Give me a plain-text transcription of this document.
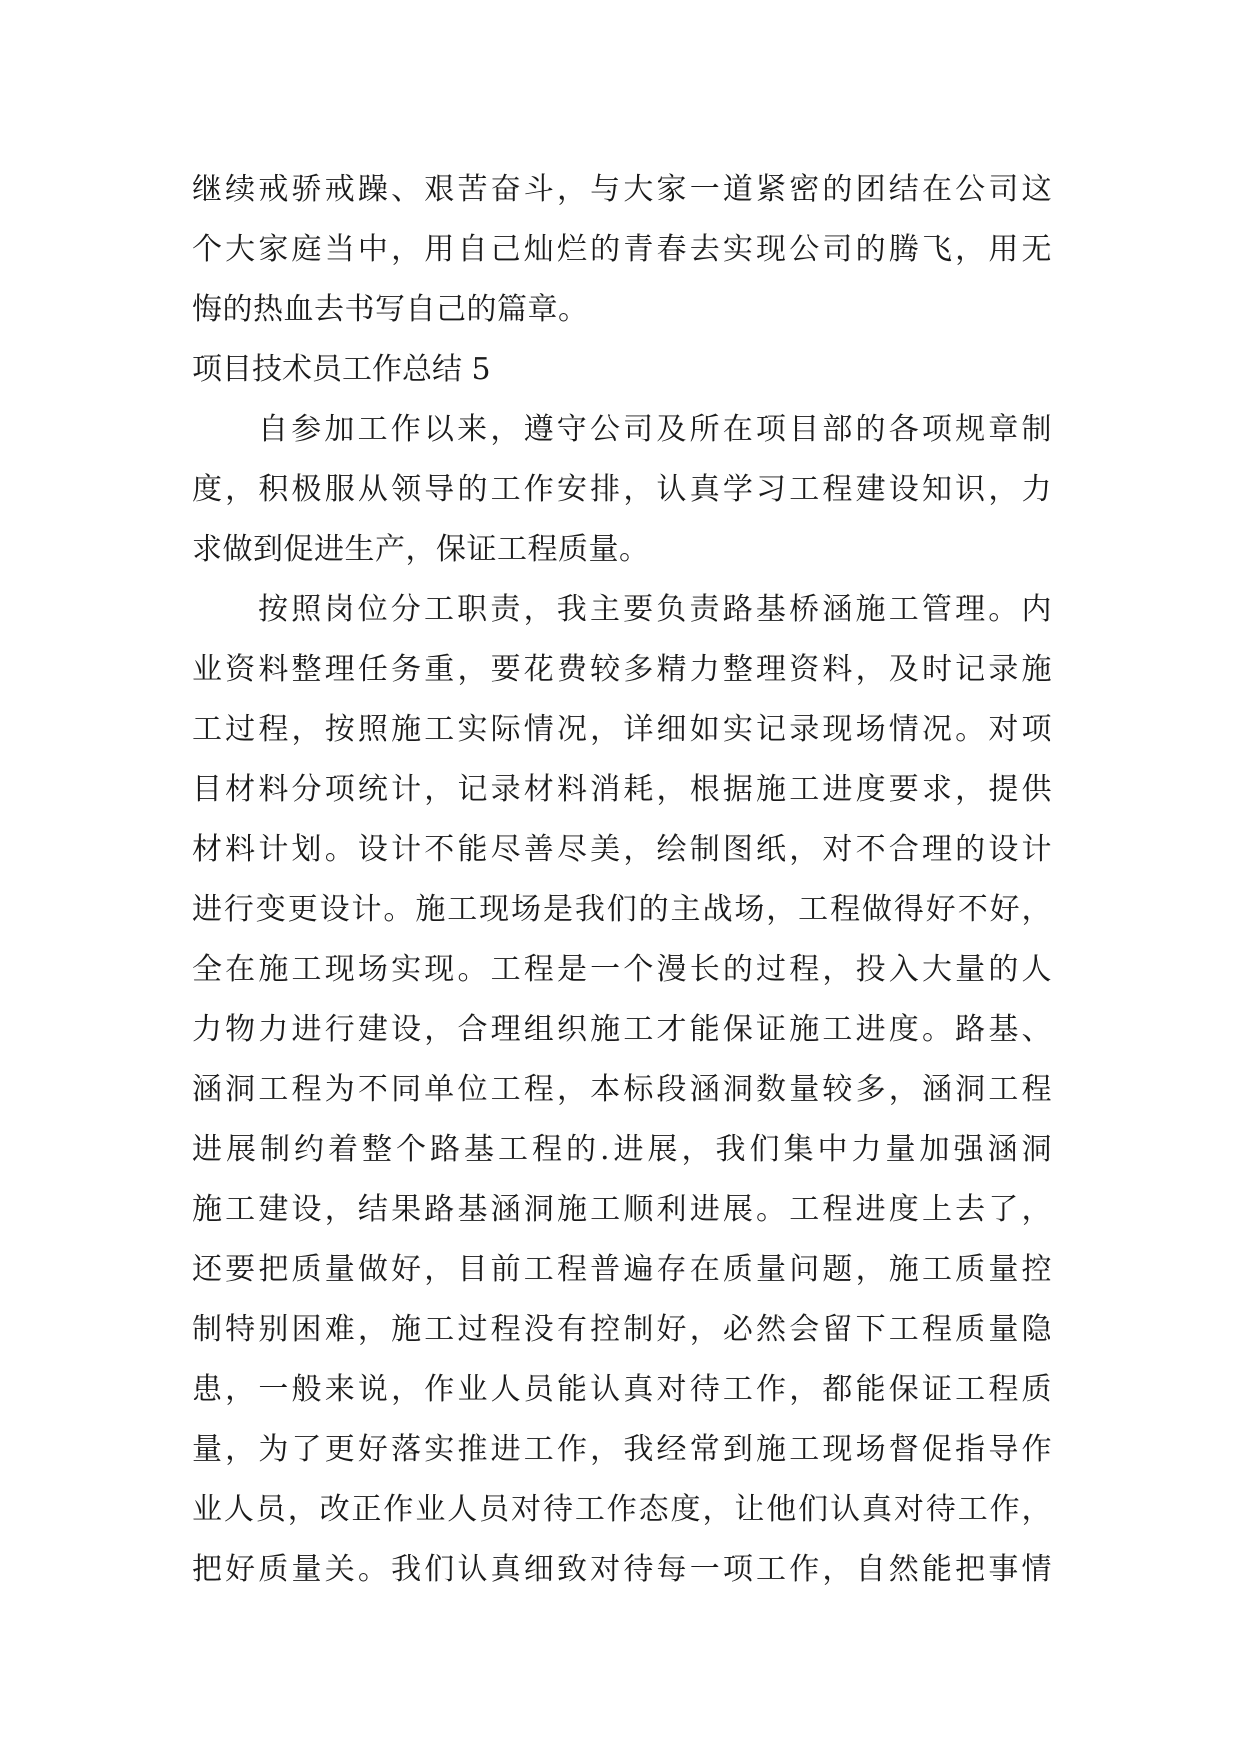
继续戒骄戒躁、艰苦奋斗，与大家一道紧密的团结在公司这
个大家庭当中，用自己灿烂的青春去实现公司的腾飞，用无
悔的热血去书写自己的篇章。
项目技术员工作总结 5
自参加工作以来，遵守公司及所在项目部的各项规章制
度，积极服从领导的工作安排，认真学习工程建设知识，力
求做到促进生产，保证工程质量。
按照岗位分工职责，我主要负责路基桥涵施工管理。内
业资料整理任务重，要花费较多精力整理资料，及时记录施
工过程，按照施工实际情况，详细如实记录现场情况。对项
目材料分项统计，记录材料消耗，根据施工进度要求，提供
材料计划。设计不能尽善尽美，绘制图纸，对不合理的设计
进行变更设计。施工现场是我们的主战场，工程做得好不好，
全在施工现场实现。工程是一个漫长的过程，投入大量的人
力物力进行建设，合理组织施工才能保证施工进度。路基、
涵洞工程为不同单位工程，本标段涵洞数量较多，涵洞工程
进展制约着整个路基工程的.进展，我们集中力量加强涵洞
施工建设，结果路基涵洞施工顺利进展。工程进度上去了，
还要把质量做好，目前工程普遍存在质量问题，施工质量控
制特别困难，施工过程没有控制好，必然会留下工程质量隐
患，一般来说，作业人员能认真对待工作，都能保证工程质
量，为了更好落实推进工作，我经常到施工现场督促指导作
业人员，改正作业人员对待工作态度，让他们认真对待工作，
把好质量关。我们认真细致对待每一项工作，自然能把事情
